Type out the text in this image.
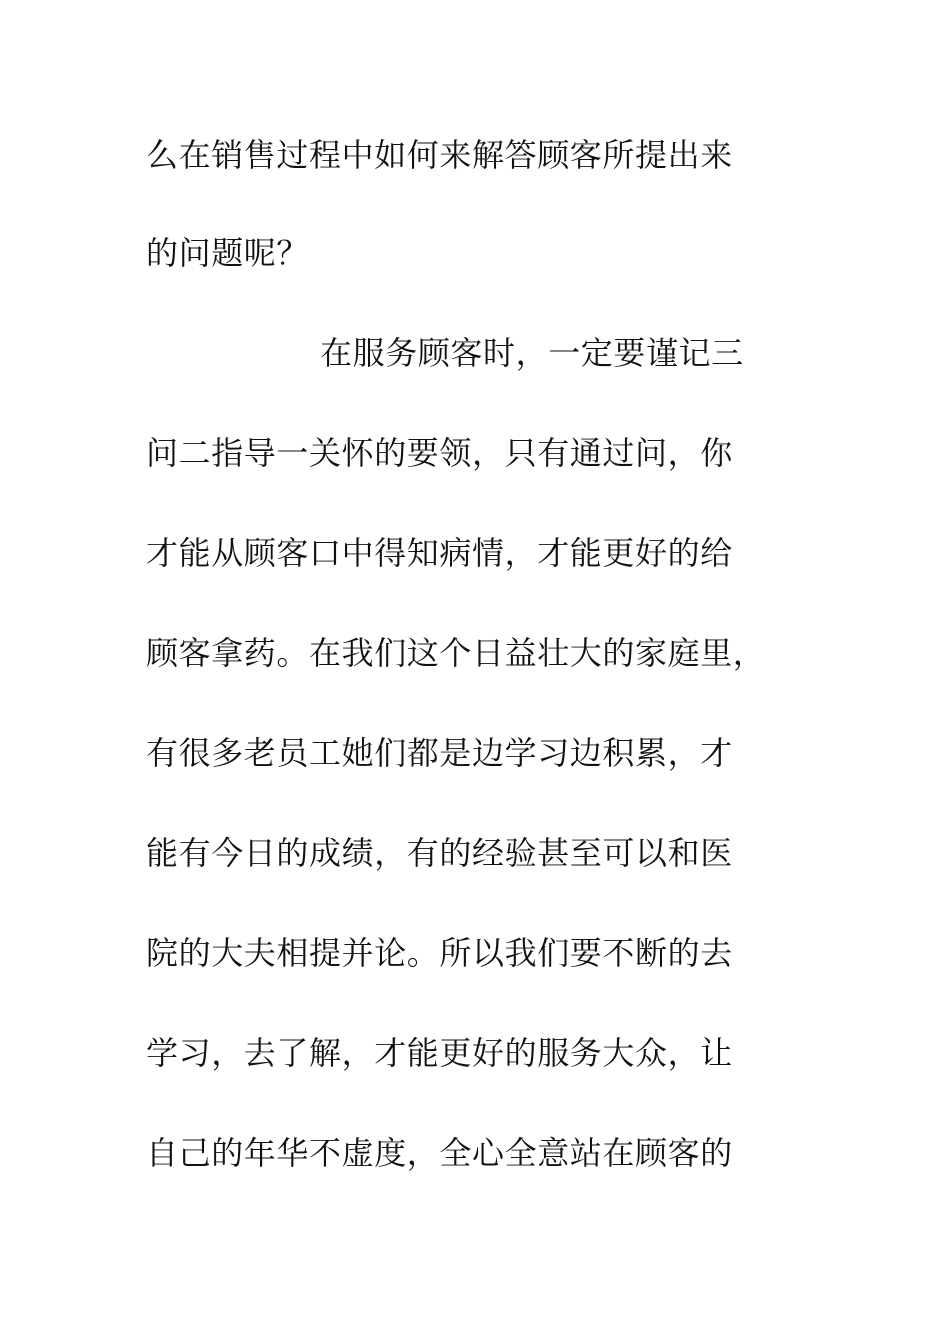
么在销售过程中如何来解答顾客所提出来
的问题呢？
在服务顾客时，一定要谨记三
问二指导一关怀的要领，只有通过问，你
才能从顾客口中得知病情，才能更好的给
顾客拿药。在我们这个日益壮大的家庭里，
有很多老员工她们都是边学习边积累，才
能有今日的成绩，有的经验甚至可以和医
院的大夫相提并论。所以我们要不断的去
学习，去了解，才能更好的服务大众，让
自己的年华不虚度，全心全意站在顾客的
